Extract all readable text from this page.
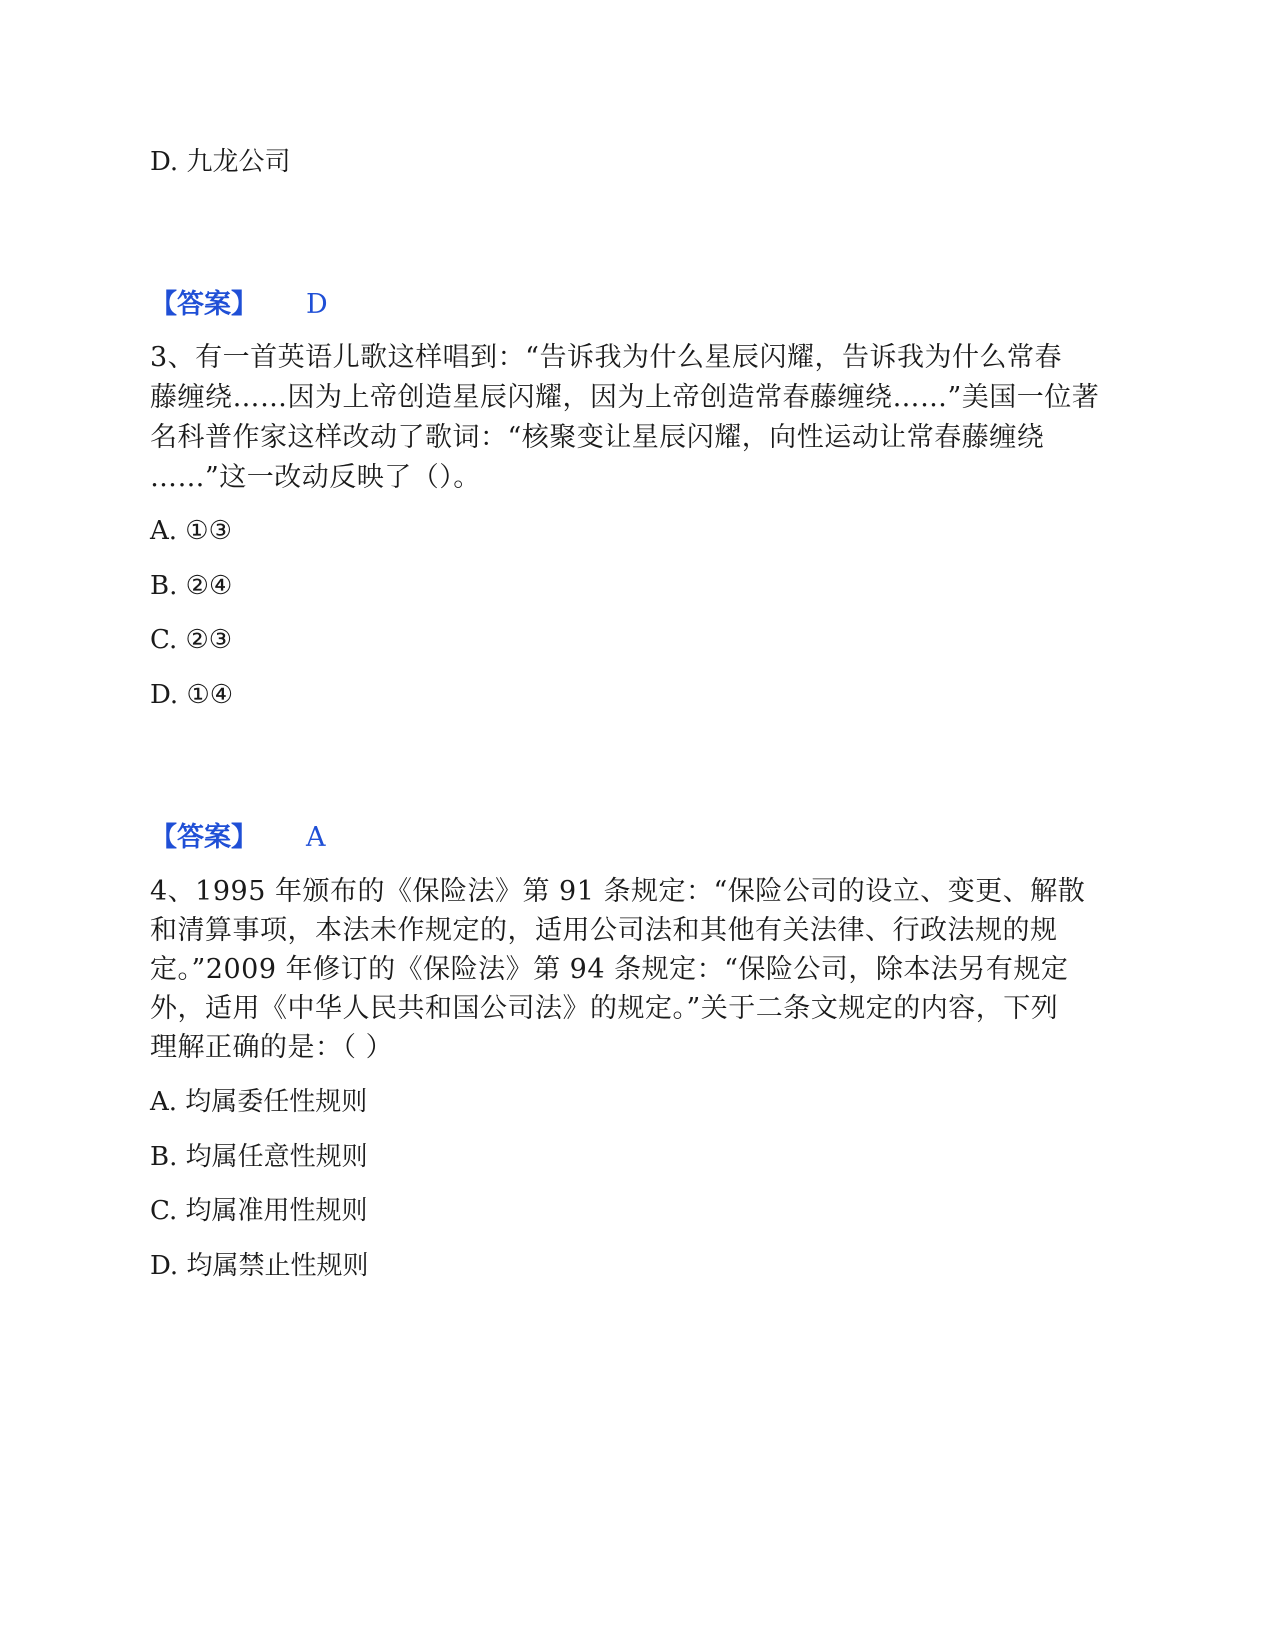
D. 九龙公司
【答案】 D
3、有一首英语儿歌这样唱到：“告诉我为什么星辰闪耀，告诉我为什么常春
藤缠绕……因为上帝创造星辰闪耀，因为上帝创造常春藤缠绕……”美国一位著
名科普作家这样改动了歌词：“核聚变让星辰闪耀，向性运动让常春藤缠绕
……”这一改动反映了（）。
A. ①③
B. ②④
C. ②③
D. ①④
【答案】 A
4、1995 年颁布的《保险法》第 91 条规定：“保险公司的设立、变更、解散
和清算事项，本法未作规定的，适用公司法和其他有关法律、行政法规的规
定。”2009 年修订的《保险法》第 94 条规定：“保险公司，除本法另有规定
外，适用《中华人民共和国公司法》的规定。”关于二条文规定的内容，下列
理解正确的是：（ ）
A. 均属委任性规则
B. 均属任意性规则
C. 均属准用性规则
D. 均属禁止性规则
